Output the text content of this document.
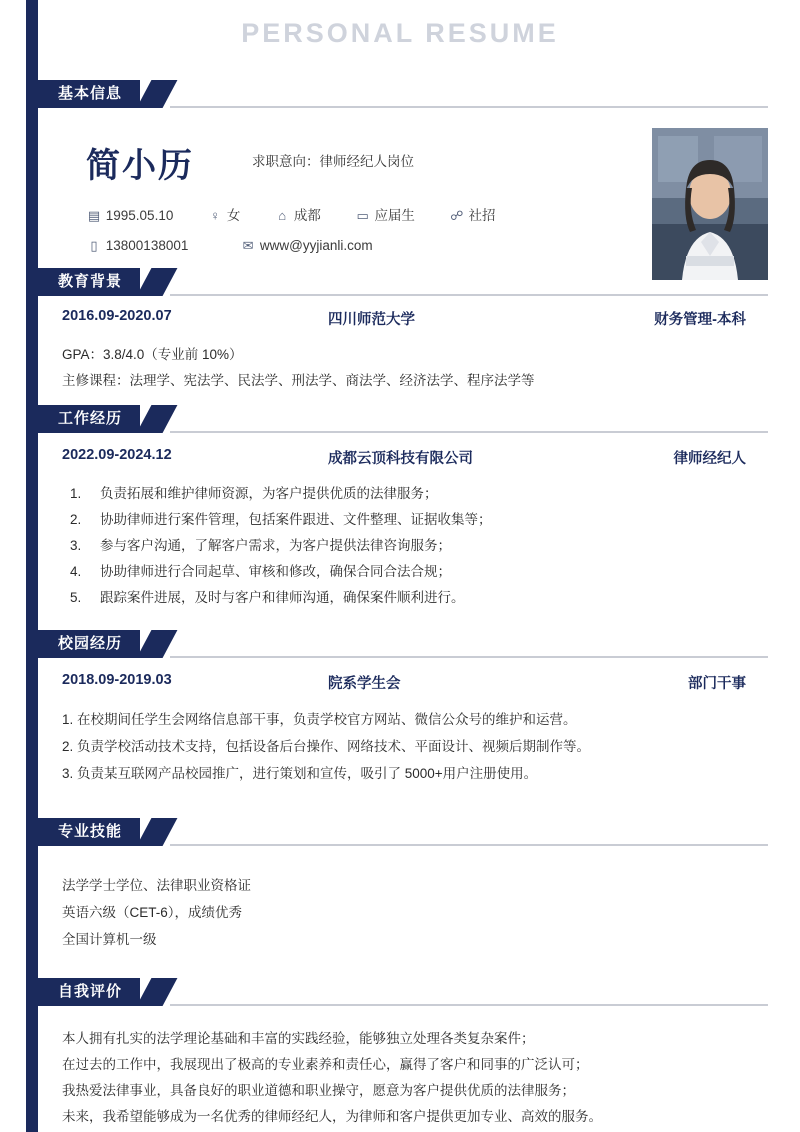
PERSONAL RESUME
基本信息
简小历	求职意向：律师经纪人岗位
▤ 1995.05.10	♀ 女	⌂ 成都	▭ 应届生	☍ 社招
▯ 13800138001	✉ www@yyjianli.com
教育背景
2016.09-2020.07	四川师范大学	财务管理-本科
GPA：3.8/4.0（专业前 10%）
主修课程：法理学、宪法学、民法学、刑法学、商法学、经济法学、程序法学等
工作经历
2022.09-2024.12	成都云顶科技有限公司	律师经纪人
1. 负责拓展和维护律师资源，为客户提供优质的法律服务；
2. 协助律师进行案件管理，包括案件跟进、文件整理、证据收集等；
3. 参与客户沟通，了解客户需求，为客户提供法律咨询服务；
4. 协助律师进行合同起草、审核和修改，确保合同合法合规；
5. 跟踪案件进展，及时与客户和律师沟通，确保案件顺利进行。
校园经历
2018.09-2019.03	院系学生会	部门干事
1. 在校期间任学生会网络信息部干事，负责学校官方网站、微信公众号的维护和运营。
2. 负责学校活动技术支持，包括设备后台操作、网络技术、平面设计、视频后期制作等。
3. 负责某互联网产品校园推广，进行策划和宣传，吸引了 5000+用户注册使用。
专业技能
法学学士学位、法律职业资格证
英语六级（CET-6），成绩优秀
全国计算机一级
自我评价
本人拥有扎实的法学理论基础和丰富的实践经验，能够独立处理各类复杂案件；
在过去的工作中，我展现出了极高的专业素养和责任心，赢得了客户和同事的广泛认可；
我热爱法律事业，具备良好的职业道德和职业操守，愿意为客户提供优质的法律服务；
未来，我希望能够成为一名优秀的律师经纪人，为律师和客户提供更加专业、高效的服务。
